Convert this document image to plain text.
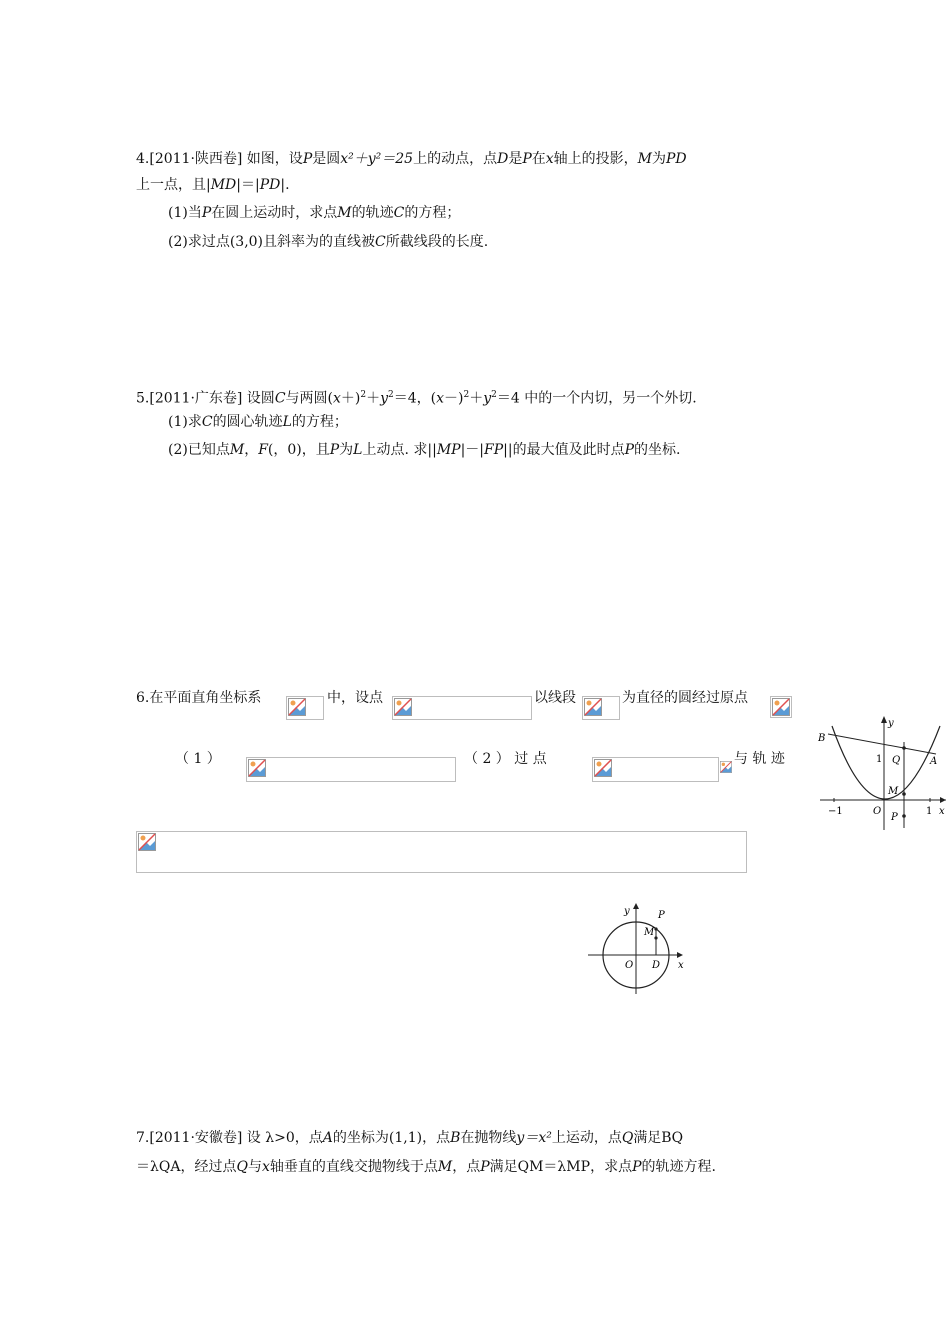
4.[2011·陕西卷] 如图，设P是圆x²＋y²＝25上的动点，点D是P在x轴上的投影，M为PD
上一点，且|MD|＝|PD|.
(1)当P在圆上运动时，求点M的轨迹C的方程；
(2)求过点(3,0)且斜率为的直线被C所截线段的长度.
5.[2011·广东卷] 设圆C与两圆$(x+)^2+y^2=4$，$(x-)^2+y^2=4$ 中的一个内切，另一个外切.
(1)求C的圆心轨迹L的方程；
(2)已知点M，F(，0)，且P为L上动点. 求||MP|－|FP||的最大值及此时点P的坐标.
6.在平面直角坐标系	中，设点	以线段	为直径的圆经过原点
（ 1 ）	（ 2 ） 过 点	与 轨 迹
y
B
1 Q	A
M
−1	O
P
1 x
y	P
M
O D x
7.[2011·安徽卷] 设 λ>0，点A的坐标为(1,1)，点B在抛物线y＝x²上运动，点Q满足BQ
＝λQA，经过点Q与x轴垂直的直线交抛物线于点M，点P满足QM＝λMP，求点P的轨迹方程.
